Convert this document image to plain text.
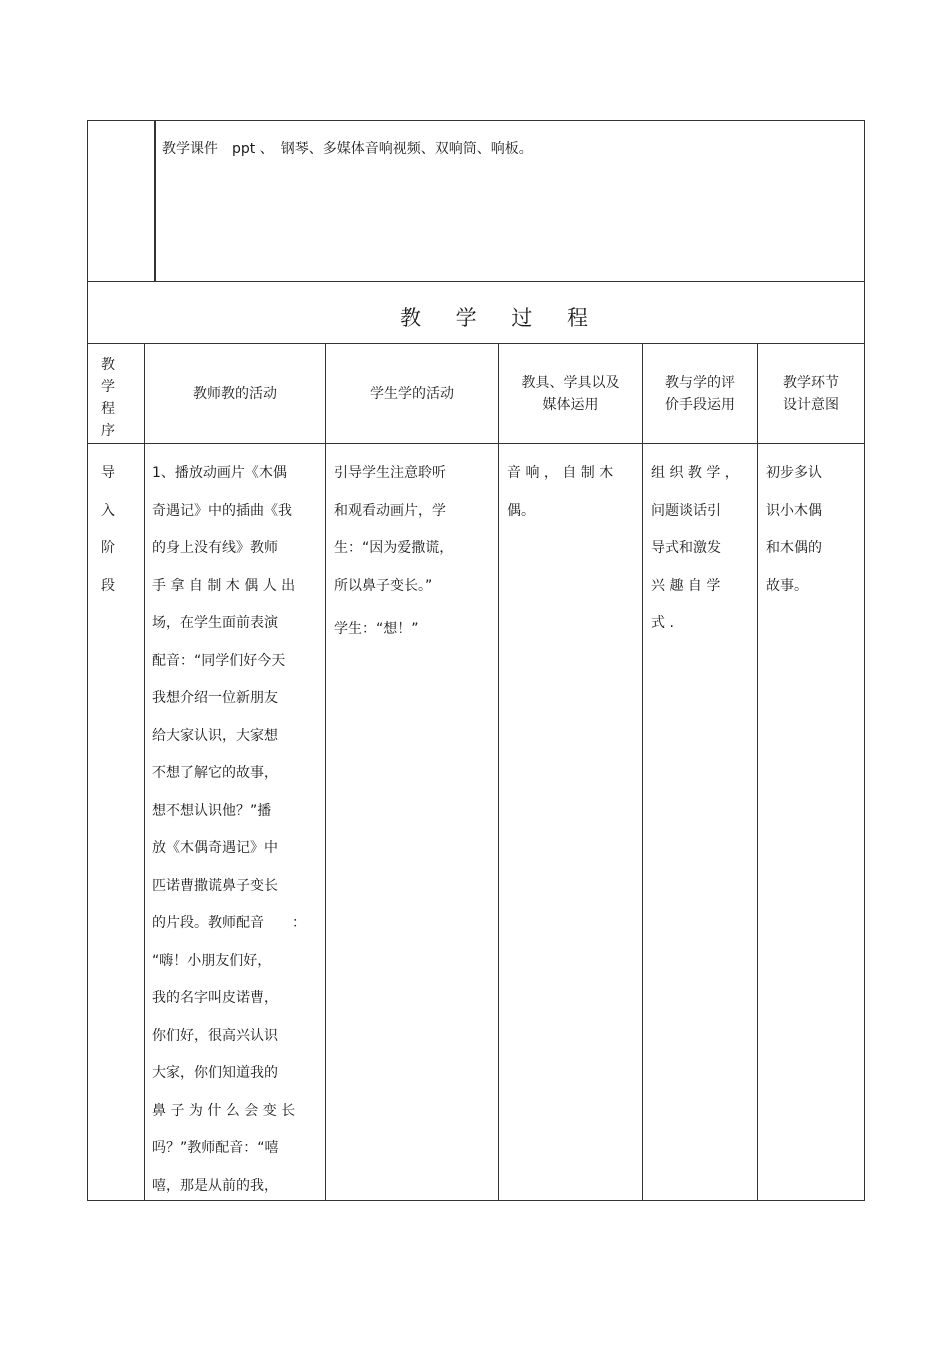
教学课件　ppt 、　钢琴、多媒体音响视频、双响筒、响板。
教 学 过 程
教
学
程
序
教师教的活动	学生学的活动
教具、学具以及
媒体运用
教与学的评
价手段运用
教学环节
设计意图
导
入
阶
段
1、播放动画片《木偶
奇遇记》中的插曲《我
的身上没有线》教师
手 拿 自 制 木 偶 人 出
场，在学生面前表演
配音：“同学们好今天
我想介绍一位新朋友
给大家认识，大家想
不想了解它的故事，
想不想认识他？”播
放《木偶奇遇记》中
匹诺曹撒谎鼻子变长
的片段。教师配音　　：
“嗨！小朋友们好，
我的名字叫皮诺曹，
你们好，很高兴认识
大家，你们知道我的
鼻 子 为 什 么 会 变 长
吗？”教师配音：“嘻
嘻，那是从前的我，
引导学生注意聆听
和观看动画片，学
生：“因为爱撒谎，
所以鼻子变长。”
学生：“想！”
音 响 ， 自 制 木
偶。
组 织 教 学 ，
问题谈话引
导式和激发
兴 趣 自 学
式 .
初步多认
识小木偶
和木偶的
故事。
